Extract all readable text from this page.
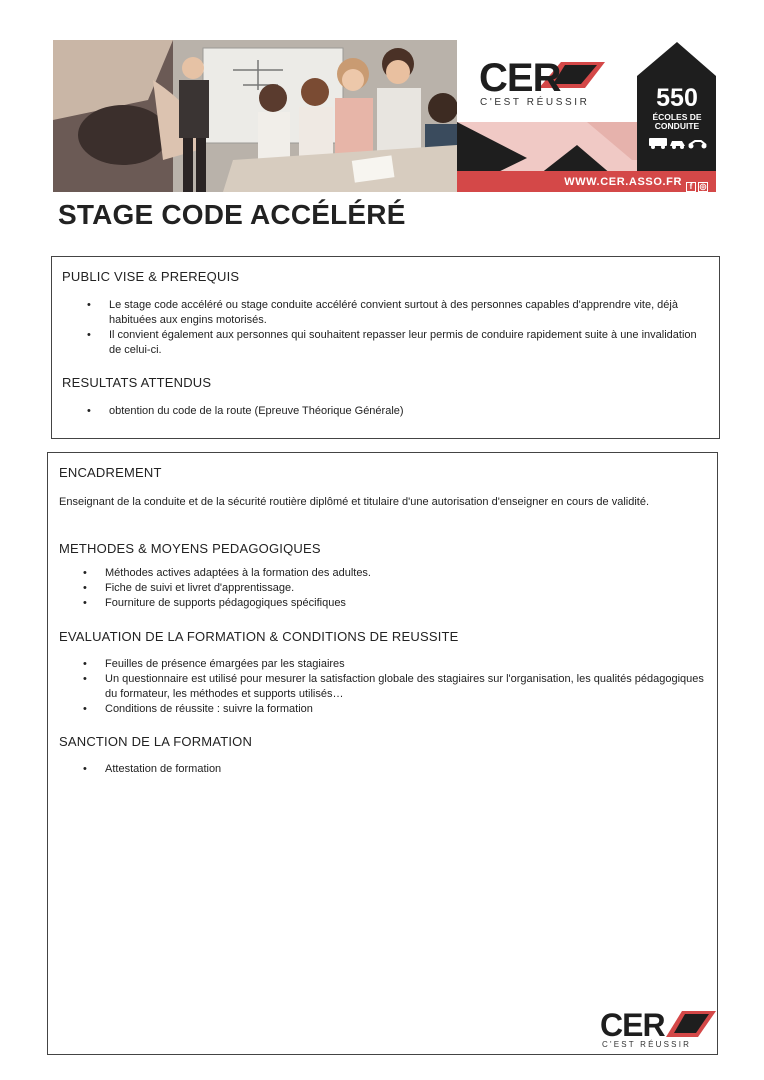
CER
C'EST RÉUSSIR	550
ÉCOLES DE
CONDUITE
WWW.CER.ASSO.FR f ◎
STAGE CODE ACCÉLÉRÉ
PUBLIC VISE & PREREQUIS
• Le stage code accéléré ou stage conduite accéléré convient surtout à des personnes capables d'apprendre vite, déjà habituées aux engins motorisés.
• Il convient également aux personnes qui souhaitent repasser leur permis de conduire rapidement suite à une invalidation de celui-ci.
RESULTATS ATTENDUS
• obtention du code de la route (Epreuve Théorique Générale)
ENCADREMENT

Enseignant de la conduite et de la sécurité routière diplômé et titulaire d'une autorisation d'enseigner en cours de validité.

METHODES & MOYENS PEDAGOGIQUES
• Méthodes actives adaptées à la formation des adultes.
• Fiche de suivi et livret d'apprentissage.
• Fourniture de supports pédagogiques spécifiques
EVALUATION DE LA FORMATION & CONDITIONS DE REUSSITE
• Feuilles de présence émargées par les stagiaires
• Un questionnaire est utilisé pour mesurer la satisfaction globale des stagiaires sur l'organisation, les qualités pédagogiques du formateur, les méthodes et supports utilisés…
• Conditions de réussite : suivre la formation
SANCTION DE LA FORMATION
• Attestation de formation
CER
C'EST RÉUSSIR
